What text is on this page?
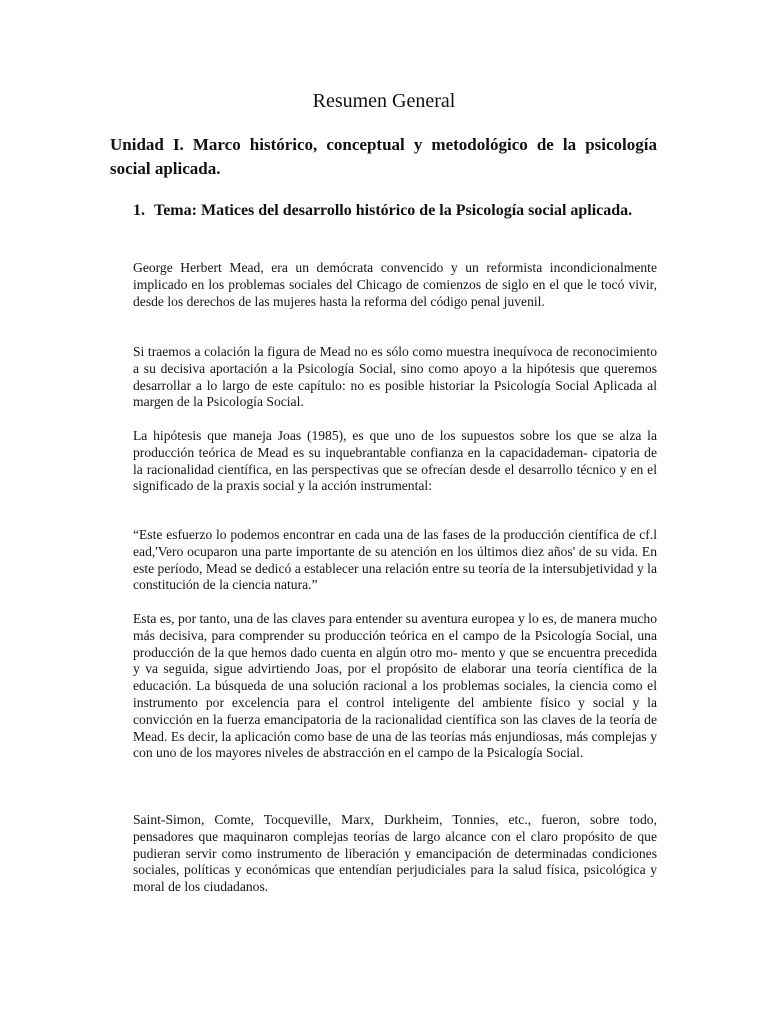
Resumen General
Unidad I. Marco histórico, conceptual y metodológico de la psicología social aplicada.
1. Tema: Matices del desarrollo histórico de la Psicología social aplicada.

George Herbert Mead, era un demócrata convencido y un reformista incondicionalmente implicado en los problemas sociales del Chicago de comienzos de siglo en el que le tocó vivir, desde los derechos de las mujeres hasta la reforma del código penal juvenil.

Si traemos a colación la figura de Mead no es sólo como muestra inequívoca de reconocimiento a su decisiva aportación a la Psicología Social, sino como apoyo a la hipótesis que queremos desarrollar a lo largo de este capítulo: no es posible historiar la Psicología Social Aplicada al margen de la Psicología Social.

La hipótesis que maneja Joas (1985), es que uno de los supuestos sobre los que se alza la producción teórica de Mead es su inquebrantable confianza en la capacidademan- cipatoria de la racionalidad científica, en las perspectivas que se ofrecían desde el desarrollo técnico y en el significado de la praxis social y la acción instrumental:

“Este esfuerzo lo podemos encontrar en cada una de las fases de la producción científica de cf.l ead,'Vero ocuparon una parte importante de su atención en los últimos diez años' de su vida. En este período, Mead se dedicó a establecer una relación entre su teoría de la intersubjetividad y la constitución de la ciencia natura.”

Esta es, por tanto, una de las claves para entender su aventura europea y lo es, de manera mucho más decisiva, para comprender su producción teórica en el campo de la Psicología Social, una producción de la que hemos dado cuenta en algún otro mo- mento y que se encuentra precedida y va seguida, sigue advirtiendo Joas, por el propósito de elaborar una teoría científica de la educación. La búsqueda de una solución racional a los problemas sociales, la ciencia como el instrumento por excelencia para el control inteligente del ambiente físico y social y la convicción en la fuerza emancipatoria de la racionalidad científica son las claves de la teoría de Mead. Es decir, la aplicación como base de una de las teorías más enjundiosas, más complejas y con uno de los mayores niveles de abstracción en el campo de la Psicalogía Social.

Saint-Simon, Comte, Tocqueville, Marx, Durkheim, Tonnies, etc., fueron, sobre todo, pensadores que maquinaron complejas teorías de largo alcance con el claro propósito de que pudieran servir como instrumento de liberación y emancipación de determinadas condiciones sociales, políticas y económicas que entendían perjudiciales para la salud física, psicológica y moral de los ciudadanos.
